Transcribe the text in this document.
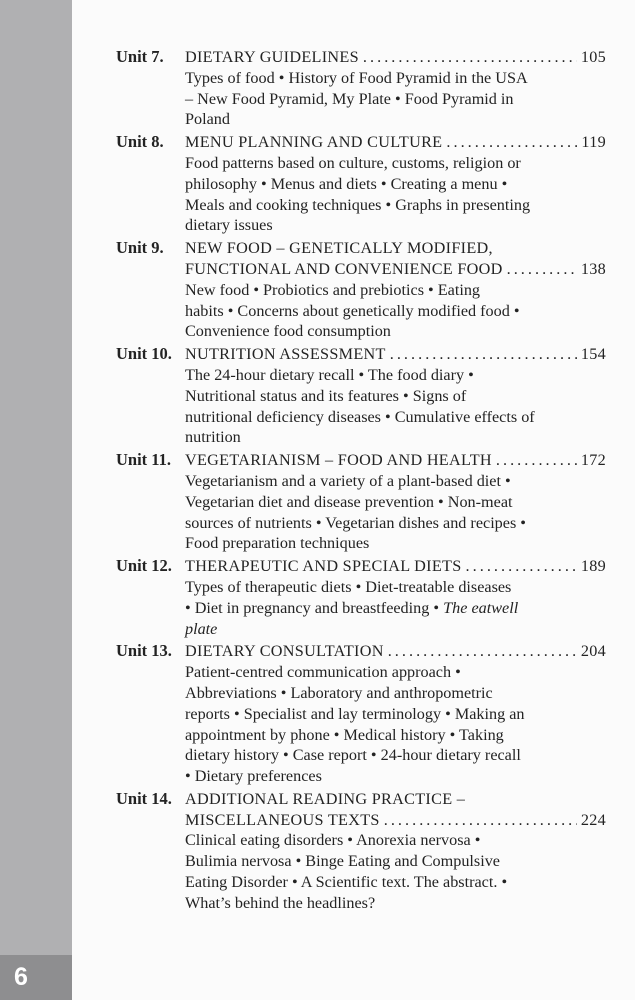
6
Unit 7. DIETARY GUIDELINES . . .	105
Types of food • History of Food Pyramid in the USA
– New Food Pyramid, My Plate • Food Pyramid in
Poland
Unit 8. MENU PLANNING AND CULTURE . . .	119
Food patterns based on culture, customs, religion or
philosophy • Menus and diets • Creating a menu •
Meals and cooking techniques • Graphs in presenting
dietary issues
Unit 9. NEW FOOD – GENETICALLY MODIFIED,
FUNCTIONAL AND CONVENIENCE FOOD . . .	138
New food • Probiotics and prebiotics • Eating
habits • Concerns about genetically modified food •
Convenience food consumption
Unit 10. NUTRITION ASSESSMENT . . .	154
The 24-hour dietary recall • The food diary •
Nutritional status and its features • Signs of
nutritional deficiency diseases • Cumulative effects of
nutrition
Unit 11. VEGETARIANISM – FOOD AND HEALTH . . .	172
Vegetarianism and a variety of a plant-based diet •
Vegetarian diet and disease prevention • Non-meat
sources of nutrients • Vegetarian dishes and recipes •
Food preparation techniques
Unit 12. THERAPEUTIC AND SPECIAL DIETS . . .	189
Types of therapeutic diets • Diet-treatable diseases
• Diet in pregnancy and breastfeeding • The eatwell
plate
Unit 13. DIETARY CONSULTATION . . .	204
Patient-centred communication approach •
Abbreviations • Laboratory and anthropometric
reports • Specialist and lay terminology • Making an
appointment by phone • Medical history • Taking
dietary history • Case report • 24-hour dietary recall
• Dietary preferences
Unit 14. ADDITIONAL READING PRACTICE –
MISCELLANEOUS TEXTS . . .	224
Clinical eating disorders • Anorexia nervosa •
Bulimia nervosa • Binge Eating and Compulsive
Eating Disorder • A Scientific text. The abstract. •
What’s behind the headlines?
